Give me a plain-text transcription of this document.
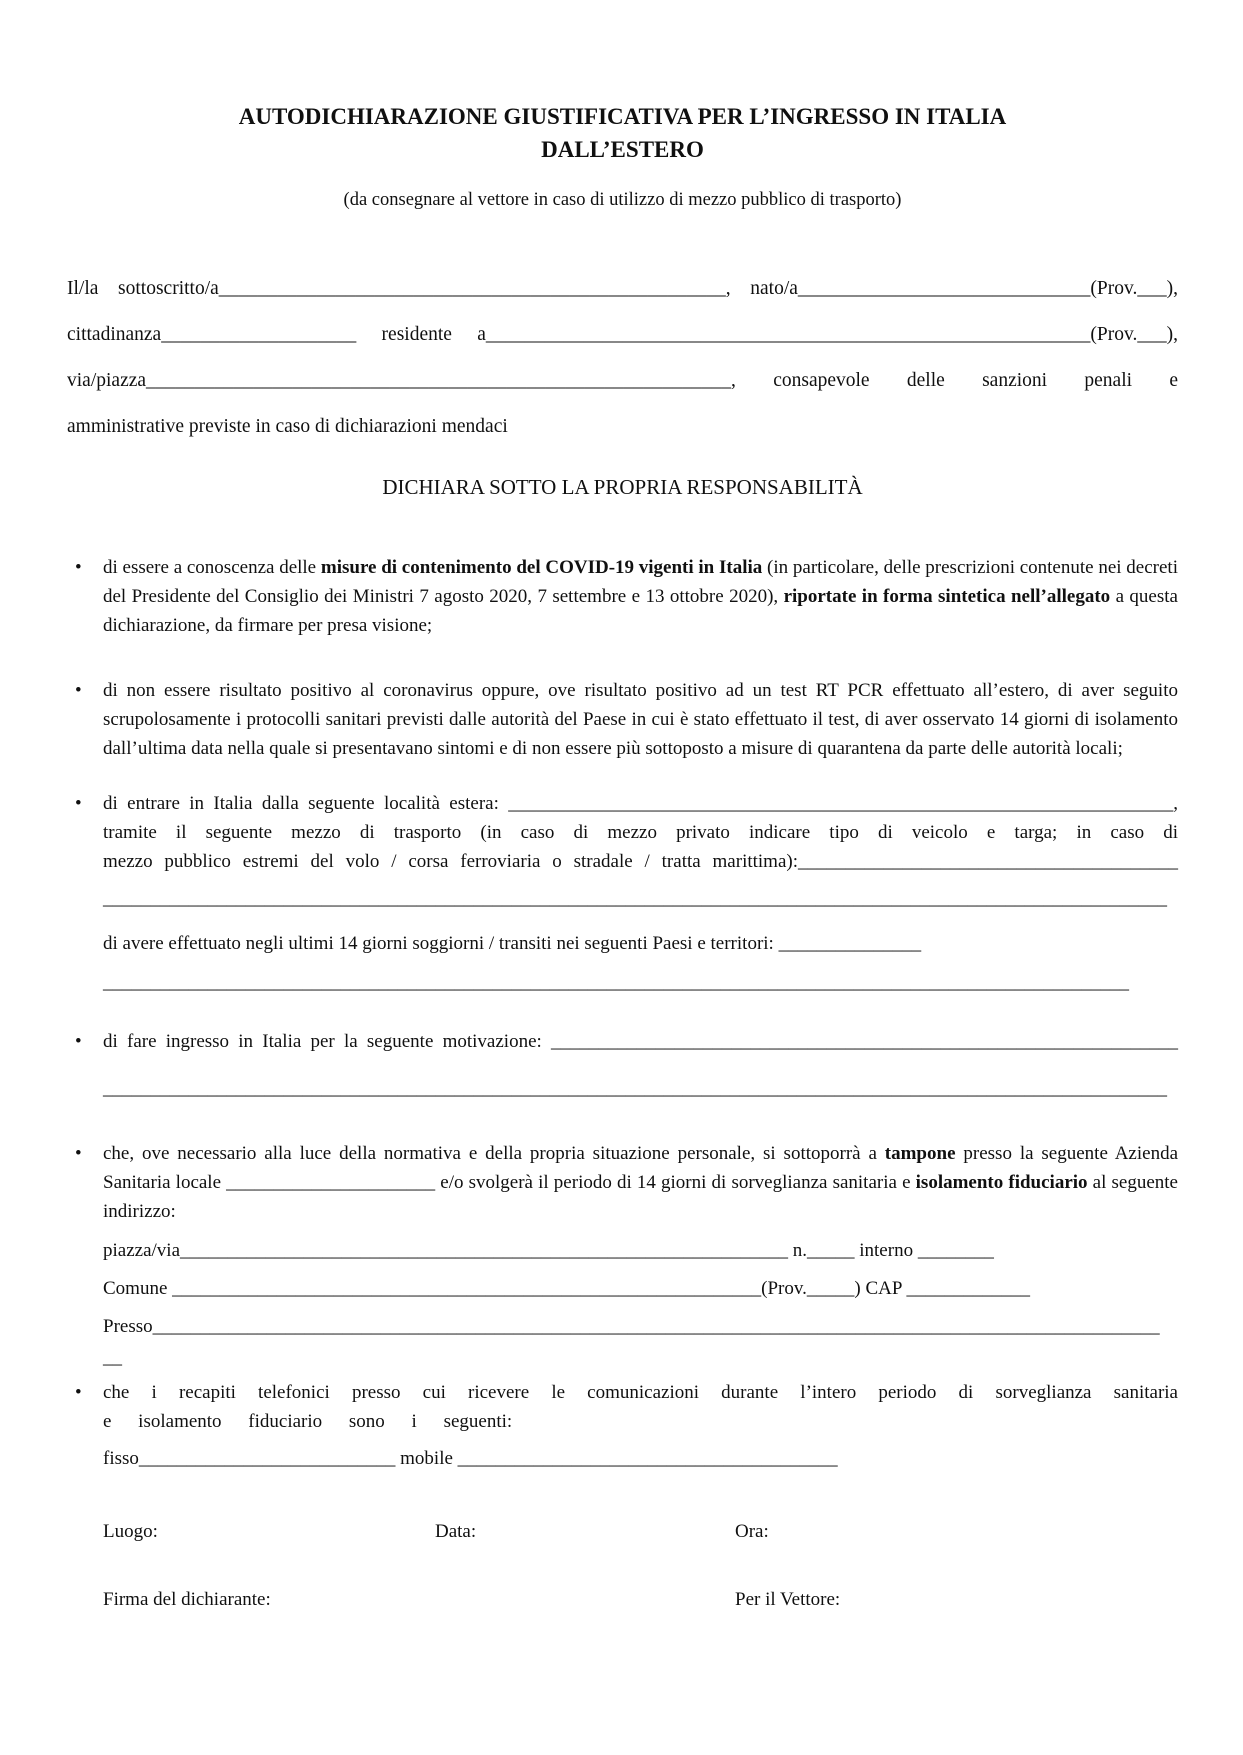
AUTODICHIARAZIONE GIUSTIFICATIVA PER L’INGRESSO IN ITALIA
DALL’ESTERO
(da consegnare al vettore in caso di utilizzo di mezzo pubblico di trasporto)
Il/la sottoscritto/a____________________________________________________, nato/a______________________________(Prov.___),
cittadinanza____________________ residente a______________________________________________________________(Prov.___),
via/piazza____________________________________________________________, consapevole delle sanzioni penali e
amministrative previste in caso di dichiarazioni mendaci
DICHIARA SOTTO LA PROPRIA RESPONSABILITÀ
•	di essere a conoscenza delle misure di contenimento del COVID-19 vigenti in Italia (in particolare, delle prescrizioni contenute nei decreti del Presidente del Consiglio dei Ministri 7 agosto 2020, 7 settembre e 13 ottobre 2020), riportate in forma sintetica nell’allegato a questa dichiarazione, da firmare per presa visione;
•	di non essere risultato positivo al coronavirus oppure, ove risultato positivo ad un test RT PCR effettuato all’estero, di aver seguito scrupolosamente i protocolli sanitari previsti dalle autorità del Paese in cui è stato effettuato il test, di aver osservato 14 giorni di isolamento dall’ultima data nella quale si presentavano sintomi e di non essere più sottoposto a misure di quarantena da parte delle autorità locali;
•	di entrare in Italia dalla seguente località estera: ______________________________________________________________________,
tramite il seguente mezzo di trasporto (in caso di mezzo privato indicare tipo di veicolo e targa; in caso di
mezzo pubblico estremi del volo / corsa ferroviaria o stradale / tratta marittima):________________________________________
________________________________________________________________________________________________________________
di avere effettuato negli ultimi 14 giorni soggiorni / transiti nei seguenti Paesi e territori: _______________
____________________________________________________________________________________________________________
•	di fare ingresso in Italia per la seguente motivazione: __________________________________________________________________
________________________________________________________________________________________________________________
•	che, ove necessario alla luce della normativa e della propria situazione personale, si sottoporrà a tampone presso la seguente Azienda Sanitaria locale ______________________ e/o svolgerà il periodo di 14 giorni di sorveglianza sanitaria e isolamento fiduciario al seguente indirizzo:
piazza/via________________________________________________________________ n._____ interno ________
Comune ______________________________________________________________(Prov._____) CAP _____________
Presso__________________________________________________________________________________________________________
__
•	che i recapiti telefonici presso cui ricevere le comunicazioni durante l’intero periodo di sorveglianza sanitaria
e isolamento fiduciario sono i seguenti:
fisso___________________________ mobile ________________________________________
Luogo:	Data:	Ora:
Firma del dichiarante:	Per il Vettore:
